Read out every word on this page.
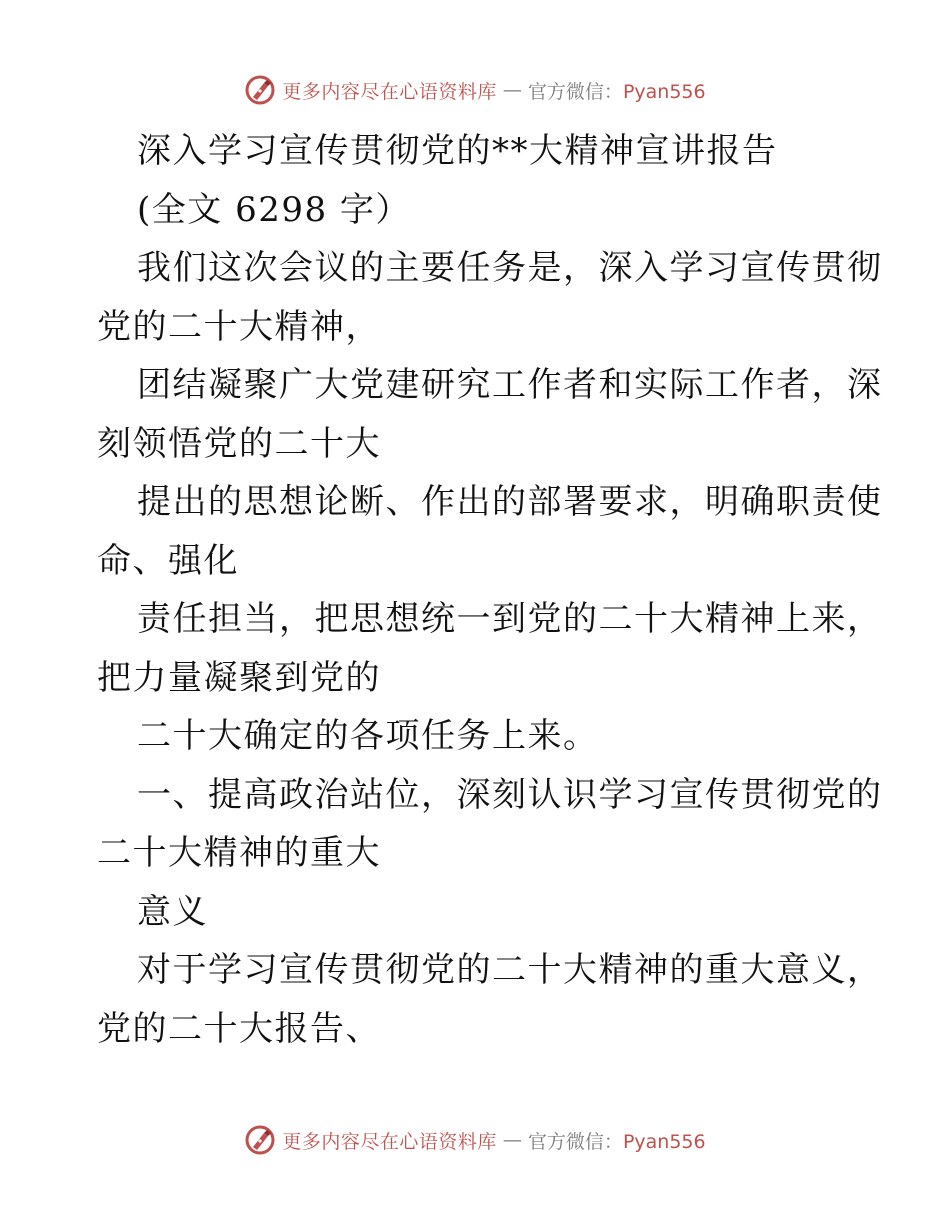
更多内容尽在心语资料库 — 官方微信：Pyan556
深入学习宣传贯彻党的**大精神宣讲报告
(全文 6298 字）
我们这次会议的主要任务是，深入学习宣传贯彻
党的二十大精神，
团结凝聚广大党建研究工作者和实际工作者，深
刻领悟党的二十大
提出的思想论断、作出的部署要求，明确职责使
命、强化
责任担当，把思想统一到党的二十大精神上来，
把力量凝聚到党的
二十大确定的各项任务上来。
一、提高政治站位，深刻认识学习宣传贯彻党的
二十大精神的重大
意义
对于学习宣传贯彻党的二十大精神的重大意义，
党的二十大报告、
更多内容尽在心语资料库 — 官方微信：Pyan556
